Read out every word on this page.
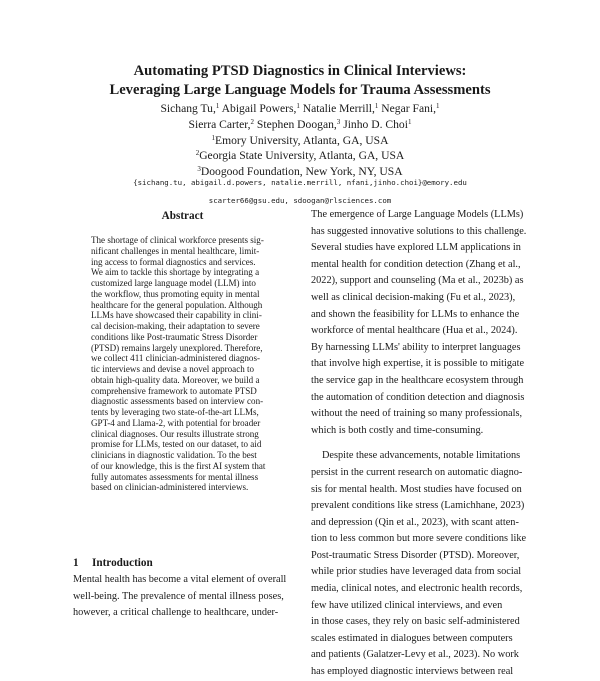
Automating PTSD Diagnostics in Clinical Interviews:
Leveraging Large Language Models for Trauma Assessments
Sichang Tu,$^1$ Abigail Powers,$^1$ Natalie Merrill,$^1$ Negar Fani,$^1$
Sierra Carter,$^2$ Stephen Doogan,$^3$ Jinho D. Choi$^1$
$^1$Emory University, Atlanta, GA, USA
$^2$Georgia State University, Atlanta, GA, USA
$^3$Doogood Foundation, New York, NY, USA
{sichang.tu, abigail.d.powers, natalie.merrill, nfani,jinho.choi}@emory.edu
scarter66@gsu.edu, sdoogan@rlsciences.com
Abstract
The shortage of clinical workforce presents sig-
nificant challenges in mental healthcare, limit-
ing access to formal diagnostics and services.
We aim to tackle this shortage by integrating a
customized large language model (LLM) into
the workflow, thus promoting equity in mental
healthcare for the general population. Although
LLMs have showcased their capability in clini-
cal decision-making, their adaptation to severe
conditions like Post-traumatic Stress Disorder
(PTSD) remains largely unexplored. Therefore,
we collect 411 clinician-administered diagnos-
tic interviews and devise a novel approach to
obtain high-quality data. Moreover, we build a
comprehensive framework to automate PTSD
diagnostic assessments based on interview con-
tents by leveraging two state-of-the-art LLMs,
GPT-4 and Llama-2, with potential for broader
clinical diagnoses. Our results illustrate strong
promise for LLMs, tested on our dataset, to aid
clinicians in diagnostic validation. To the best
of our knowledge, this is the first AI system that
fully automates assessments for mental illness
based on clinician-administered interviews.
1 Introduction
Mental health has become a vital element of overall
well-being. The prevalence of mental illness poses,
however, a critical challenge to healthcare, under-
The emergence of Large Language Models (LLMs)
has suggested innovative solutions to this challenge.
Several studies have explored LLM applications in
mental health for condition detection (Zhang et al.,
2022), support and counseling (Ma et al., 2023b) as
well as clinical decision-making (Fu et al., 2023),
and shown the feasibility for LLMs to enhance the
workforce of mental healthcare (Hua et al., 2024).
By harnessing LLMs' ability to interpret languages
that involve high expertise, it is possible to mitigate
the service gap in the healthcare ecosystem through
the automation of condition detection and diagnosis
without the need of training so many professionals,
which is both costly and time-consuming.
Despite these advancements, notable limitations
persist in the current research on automatic diagno-
sis for mental health. Most studies have focused on
prevalent conditions like stress (Lamichhane, 2023)
and depression (Qin et al., 2023), with scant atten-
tion to less common but more severe conditions like
Post-traumatic Stress Disorder (PTSD). Moreover,
while prior studies have leveraged data from social
media, clinical notes, and electronic health records,
few have utilized clinical interviews, and even
in those cases, they rely on basic self-administered
scales estimated in dialogues between computers
and patients (Galatzer-Levy et al., 2023). No work
has employed diagnostic interviews between real
